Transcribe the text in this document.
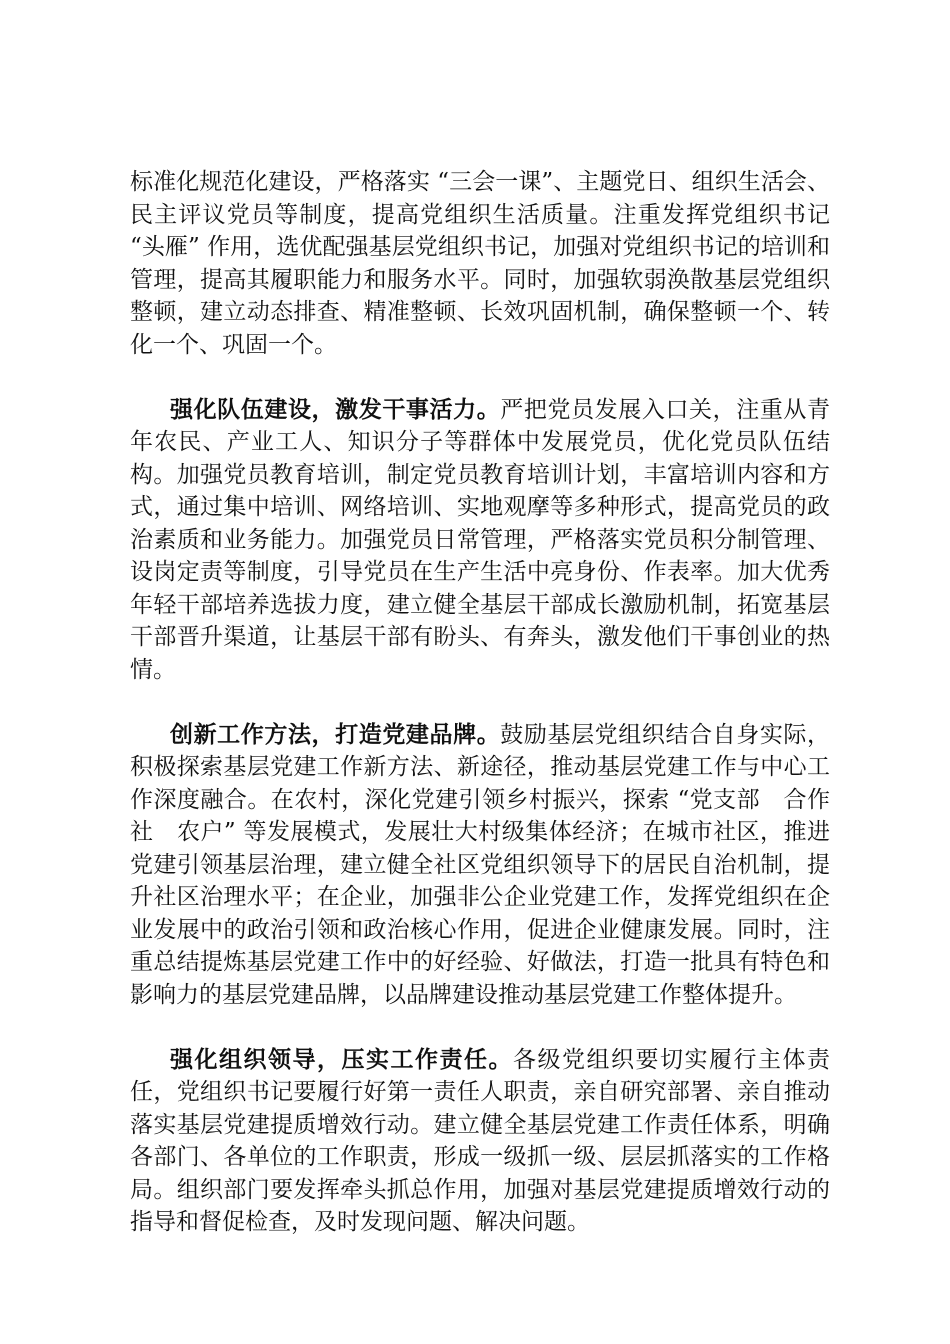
标准化规范化建设，严格落实 “三会一课”、主题党日、组织生活会、民主评议党员等制度，提高党组织生活质量。注重发挥党组织书记 “头雁” 作用，选优配强基层党组织书记，加强对党组织书记的培训和管理，提高其履职能力和服务水平。同时，加强软弱涣散基层党组织整顿，建立动态排查、精准整顿、长效巩固机制，确保整顿一个、转化一个、巩固一个。

强化队伍建设，激发干事活力。严把党员发展入口关，注重从青年农民、产业工人、知识分子等群体中发展党员，优化党员队伍结构。加强党员教育培训，制定党员教育培训计划，丰富培训内容和方式，通过集中培训、网络培训、实地观摩等多种形式，提高党员的政治素质和业务能力。加强党员日常管理，严格落实党员积分制管理、设岗定责等制度，引导党员在生产生活中亮身份、作表率。加大优秀年轻干部培养选拔力度，建立健全基层干部成长激励机制，拓宽基层干部晋升渠道，让基层干部有盼头、有奔头，激发他们干事创业的热情。

创新工作方法，打造党建品牌。鼓励基层党组织结合自身实际，积极探索基层党建工作新方法、新途径，推动基层党建工作与中心工作深度融合。在农村，深化党建引领乡村振兴，探索 “党支部　合作社　农户” 等发展模式，发展壮大村级集体经济；在城市社区，推进党建引领基层治理，建立健全社区党组织领导下的居民自治机制，提升社区治理水平；在企业，加强非公企业党建工作，发挥党组织在企业发展中的政治引领和政治核心作用，促进企业健康发展。同时，注重总结提炼基层党建工作中的好经验、好做法，打造一批具有特色和影响力的基层党建品牌，以品牌建设推动基层党建工作整体提升。

强化组织领导，压实工作责任。各级党组织要切实履行主体责任，党组织书记要履行好第一责任人职责，亲自研究部署、亲自推动落实基层党建提质增效行动。建立健全基层党建工作责任体系，明确各部门、各单位的工作职责，形成一级抓一级、层层抓落实的工作格局。组织部门要发挥牵头抓总作用，加强对基层党建提质增效行动的指导和督促检查，及时发现问题、解决问题。
